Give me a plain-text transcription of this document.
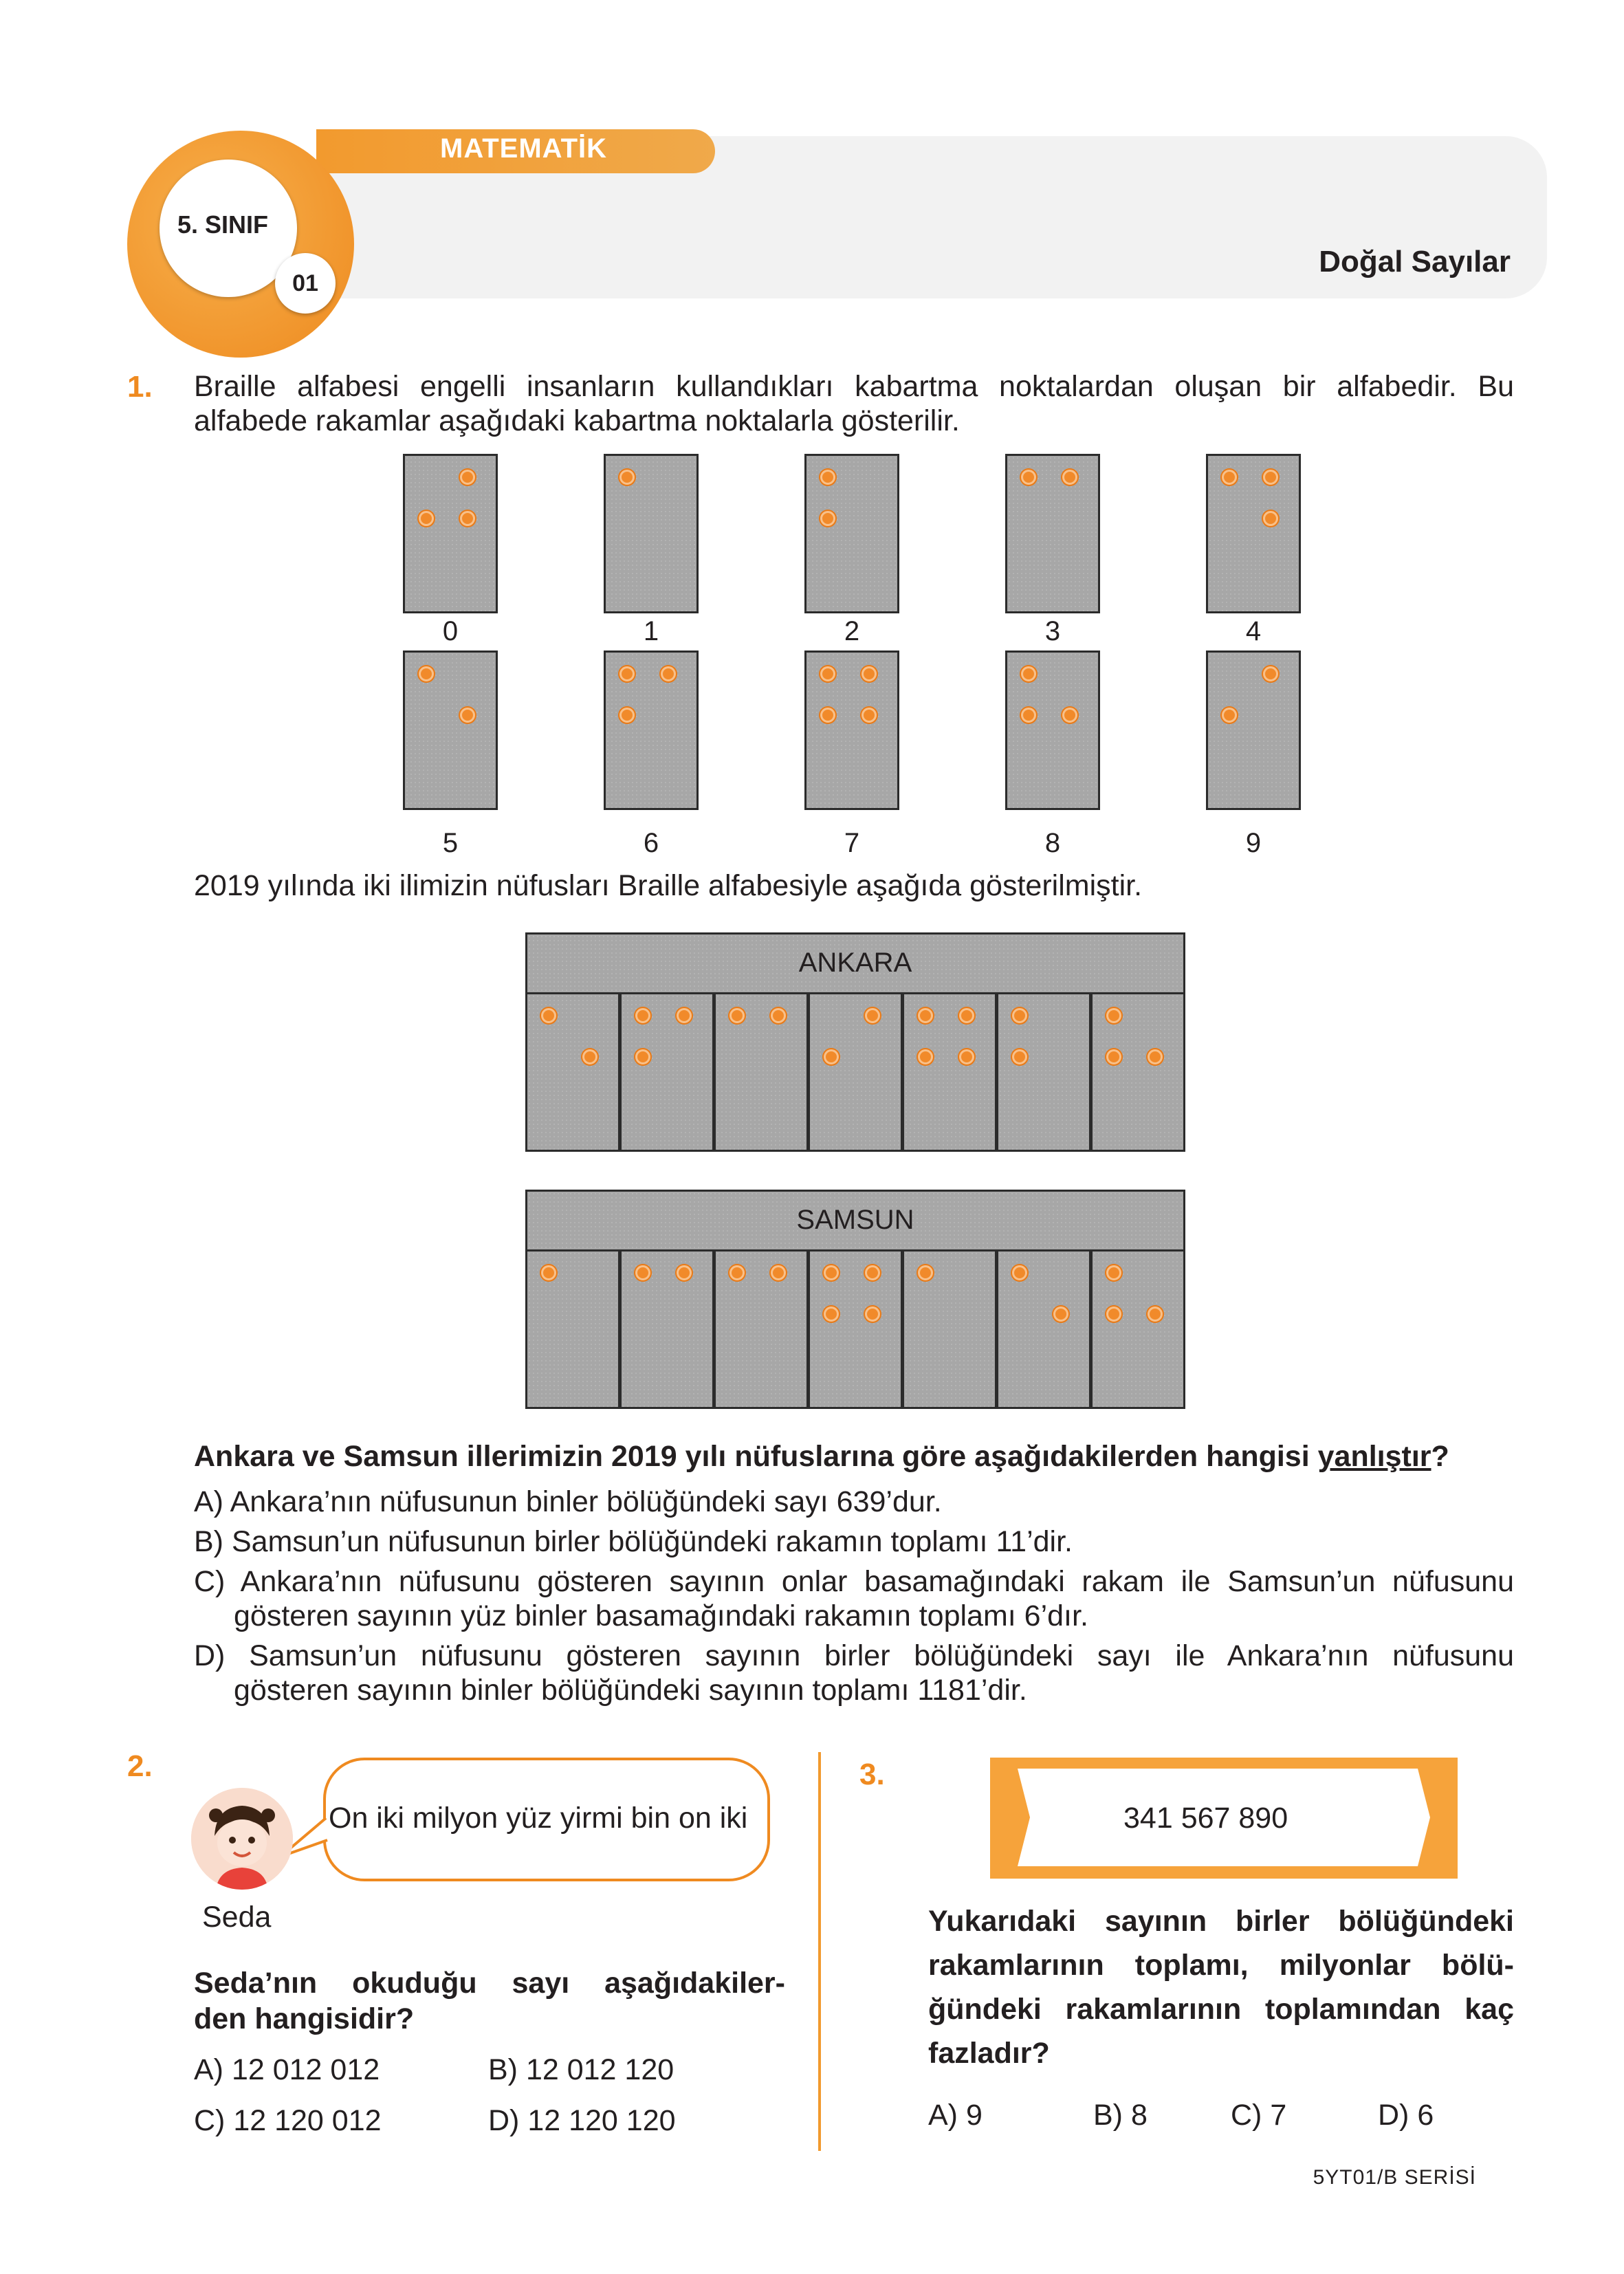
MATEMATİK
5. SINIF
01
Doğal Sayılar
1. Braille alfabesi engelli insanların kullandıkları kabartma noktalardan oluşan bir alfabedir. Bu
alfabede rakamlar aşağıdaki kabartma noktalarla gösterilir.
0	1	2	3	4
5	6	7	8	9
2019 yılında iki ilimizin nüfusları Braille alfabesiyle aşağıda gösterilmiştir.
ANKARA
SAMSUN
Ankara ve Samsun illerimizin 2019 yılı nüfuslarına göre aşağıdakilerden hangisi yanlıştır?
A) Ankara’nın nüfusunun binler bölüğündeki sayı 639’dur.
B) Samsun’un nüfusunun birler bölüğündeki rakamın toplamı 11’dir.
C) Ankara’nın nüfusunu gösteren sayının onlar basamağındaki rakam ile Samsun’un nüfusunu
gösteren sayının yüz binler basamağındaki rakamın toplamı 6’dır.
D) Samsun’un nüfusunu gösteren sayının birler bölüğündeki sayı ile Ankara’nın nüfusunu
gösteren sayının binler bölüğündeki sayının toplamı 1181’dir.
2.
On iki milyon yüz yirmi bin on iki
Seda
Seda’nın okuduğu sayı aşağıdakiler-
den hangisidir?
A) 12 012 012	B) 12 012 120
C) 12 120 012	D) 12 120 120
3.
341 567 890
Yukarıdaki sayının birler bölüğündeki
rakamlarının toplamı, milyonlar bölü-
ğündeki rakamlarının toplamından kaç
fazladır?
A) 9	B) 8	C) 7	D) 6
5YT01/B SERİSİ
